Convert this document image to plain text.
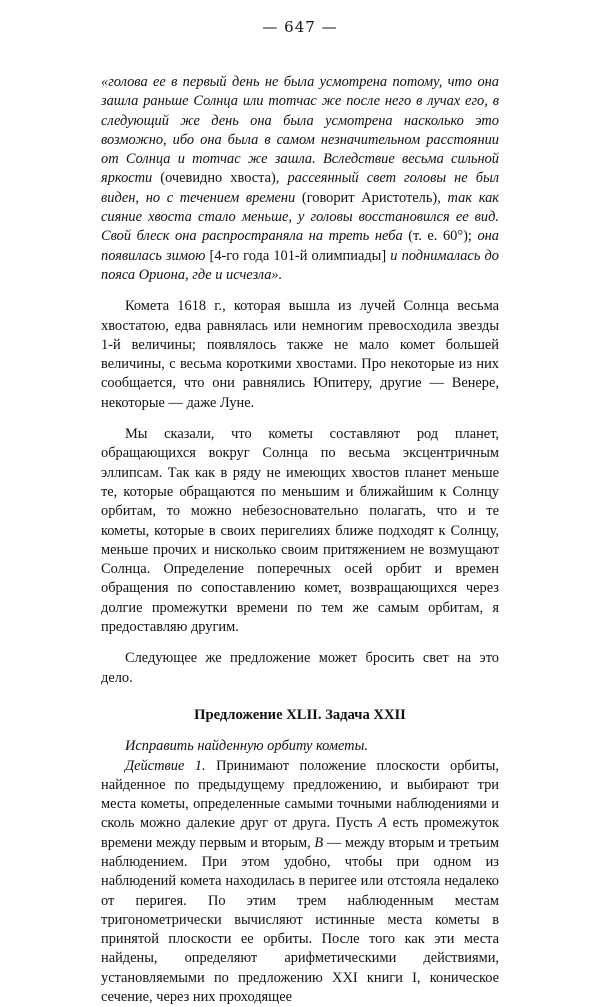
— 647 —

«голова ее в первый день не была усмотрена потому, что она зашла раньше Солнца или тотчас же после него в лучах его, в следующий же день она была усмотрена насколько это возможно, ибо она была в самом незначительном расстоянии от Солнца и тотчас же зашла. Вследствие весьма сильной яркости (очевидно хвоста), рассеянный свет головы не был виден, но с течением времени (говорит Аристотель), так как сияние хвоста стало меньше, у головы восстановился ее вид. Свой блеск она распространяла на треть неба (т. е. 60°); она появилась зимою [4-го года 101-й олимпиады] и поднималась до пояса Ориона, где и исчезла».

Комета 1618 г., которая вышла из лучей Солнца весьма хвостатою, едва равнялась или немногим превосходила звезды 1-й величины; появлялось также не мало комет большей величины, с весьма короткими хвостами. Про некоторые из них сообщается, что они равнялись Юпитеру, другие — Венере, некоторые — даже Луне.

Мы сказали, что кометы составляют род планет, обращающихся вокруг Солнца по весьма эксцентричным эллипсам. Так как в ряду не имеющих хвостов планет меньше те, которые обращаются по меньшим и ближайшим к Солнцу орбитам, то можно небезосновательно полагать, что и те кометы, которые в своих перигелиях ближе подходят к Солнцу, меньше прочих и нисколько своим притяжением не возмущают Солнца. Определение поперечных осей орбит и времен обращения по сопоставлению комет, возвращающихся через долгие промежутки времени по тем же самым орбитам, я предоставляю другим.

Следующее же предложение может бросить свет на это дело.

Предложение XLII. Задача XXII

Исправить найденную орбиту кометы.

Действие 1. Принимают положение плоскости орбиты, найденное по предыдущему предложению, и выбирают три места кометы, определенные самыми точными наблюдениями и сколь можно далекие друг от друга. Пусть A есть промежуток времени между первым и вторым, B — между вторым и третьим наблюдением. При этом удобно, чтобы при одном из наблюдений комета находилась в перигее или отстояла недалеко от перигея. По этим трем наблюденным местам тригонометрически вычисляют истинные места кометы в принятой плоскости ее орбиты. После того как эти места найдены, определяют арифметическими действиями, установляемыми по предложению XXI книги I, коническое сечение, через них проходящее
